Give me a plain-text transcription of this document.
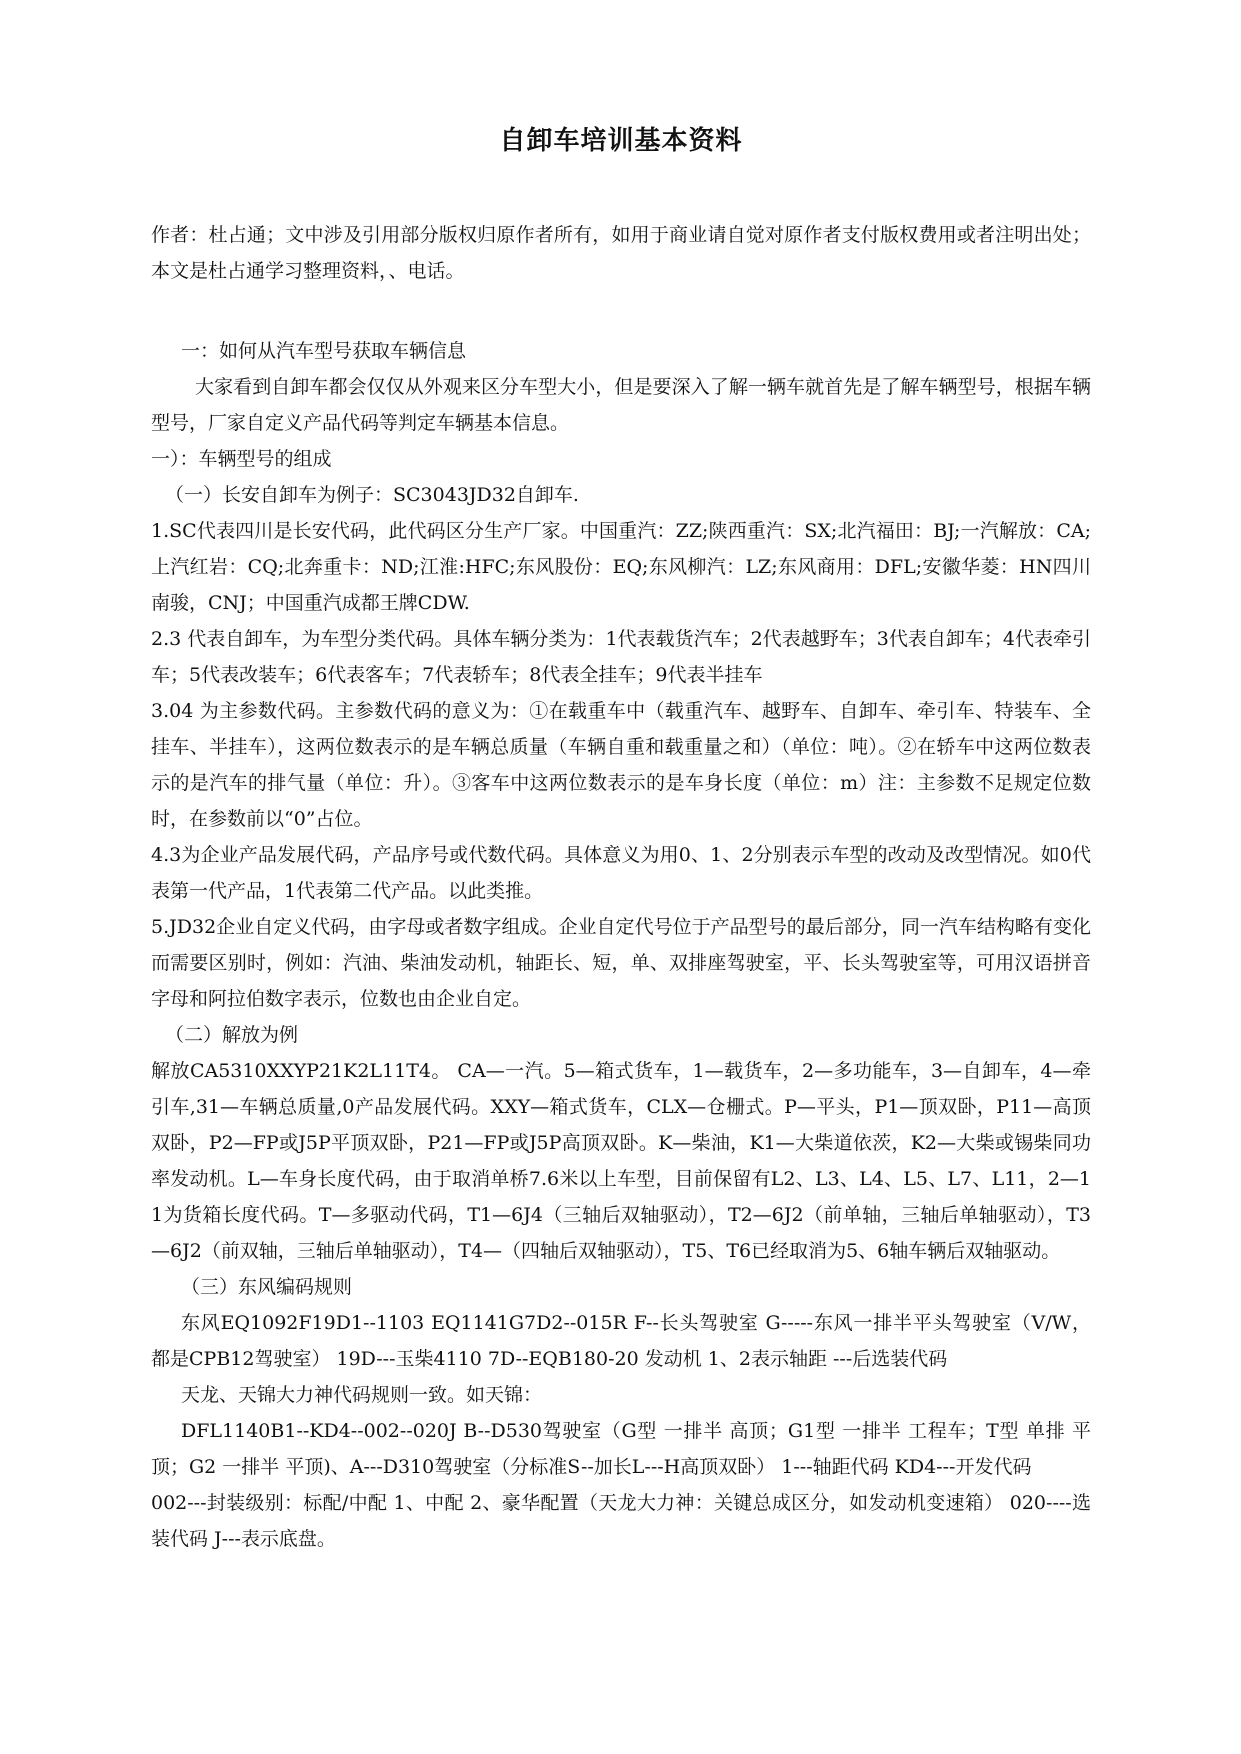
自卸车培训基本资料

作者：杜占通；文中涉及引用部分版权归原作者所有，如用于商业请自觉对原作者支付版权费用或者注明出处；本文是杜占通学习整理资料，、电话。

一：如何从汽车型号获取车辆信息

大家看到自卸车都会仅仅从外观来区分车型大小，但是要深入了解一辆车就首先是了解车辆型号，根据车辆型号，厂家自定义产品代码等判定车辆基本信息。

一）：车辆型号的组成

（一）长安自卸车为例子：SC3043JD32自卸车.

1.SC代表四川是长安代码，此代码区分生产厂家。中国重汽：ZZ;陕西重汽：SX;北汽福田：BJ;一汽解放：CA;上汽红岩：CQ;北奔重卡：ND;江淮:HFC;东风股份：EQ;东风柳汽：LZ;东风商用：DFL;安徽华菱：HN四川南骏，CNJ；中国重汽成都王牌CDW.

2.3 代表自卸车，为车型分类代码。具体车辆分类为：1代表载货汽车；2代表越野车；3代表自卸车；4代表牵引车；5代表改装车；6代表客车；7代表轿车；8代表全挂车；9代表半挂车

3.04 为主参数代码。主参数代码的意义为：①在载重车中（载重汽车、越野车、自卸车、牵引车、特装车、全挂车、半挂车），这两位数表示的是车辆总质量（车辆自重和载重量之和）（单位：吨）。②在轿车中这两位数表示的是汽车的排气量（单位：升）。③客车中这两位数表示的是车身长度（单位：m）注：主参数不足规定位数时，在参数前以“0”占位。

4.3为企业产品发展代码，产品序号或代数代码。具体意义为用0、1、2分别表示车型的改动及改型情况。如0代表第一代产品，1代表第二代产品。以此类推。

5.JD32企业自定义代码，由字母或者数字组成。企业自定代号位于产品型号的最后部分，同一汽车结构略有变化而需要区别时，例如：汽油、柴油发动机，轴距长、短，单、双排座驾驶室，平、长头驾驶室等，可用汉语拼音字母和阿拉伯数字表示，位数也由企业自定。

（二）解放为例

解放CA5310XXYP21K2L11T4。 CA—一汽。5—箱式货车，1—载货车，2—多功能车，3—自卸车，4—牵引车,31—车辆总质量,0产品发展代码。XXY—箱式货车，CLX—仓栅式。P—平头，P1—顶双卧，P11—高顶双卧，P2—FP或J5P平顶双卧，P21—FP或J5P高顶双卧。K—柴油，K1—大柴道依茨，K2—大柴或锡柴同功率发动机。L—车身长度代码，由于取消单桥7.6米以上车型，目前保留有L2、L3、L4、L5、L7、L11，2—11为货箱长度代码。T—多驱动代码，T1—6J4（三轴后双轴驱动），T2—6J2（前单轴，三轴后单轴驱动），T3—6J2（前双轴，三轴后单轴驱动），T4—（四轴后双轴驱动），T5、T6已经取消为5、6轴车辆后双轴驱动。

（三）东风编码规则

东风EQ1092F19D1--1103 EQ1141G7D2--015R F--长头驾驶室 G-----东风一排半平头驾驶室（V/W，都是CPB12驾驶室） 19D---玉柴4110 7D--EQB180-20 发动机 1、2表示轴距 ---后选装代码

天龙、天锦大力神代码规则一致。如天锦：

DFL1140B1--KD4--002--020J B--D530驾驶室（G型 一排半 高顶；G1型 一排半 工程车；T型 单排 平顶；G2 一排半 平顶)、A---D310驾驶室（分标准S--加长L---H高顶双卧） 1---轴距代码 KD4---开发代码

002---封装级别：标配/中配 1、中配 2、豪华配置（天龙大力神：关键总成区分，如发动机变速箱） 020----选装代码 J---表示底盘。
